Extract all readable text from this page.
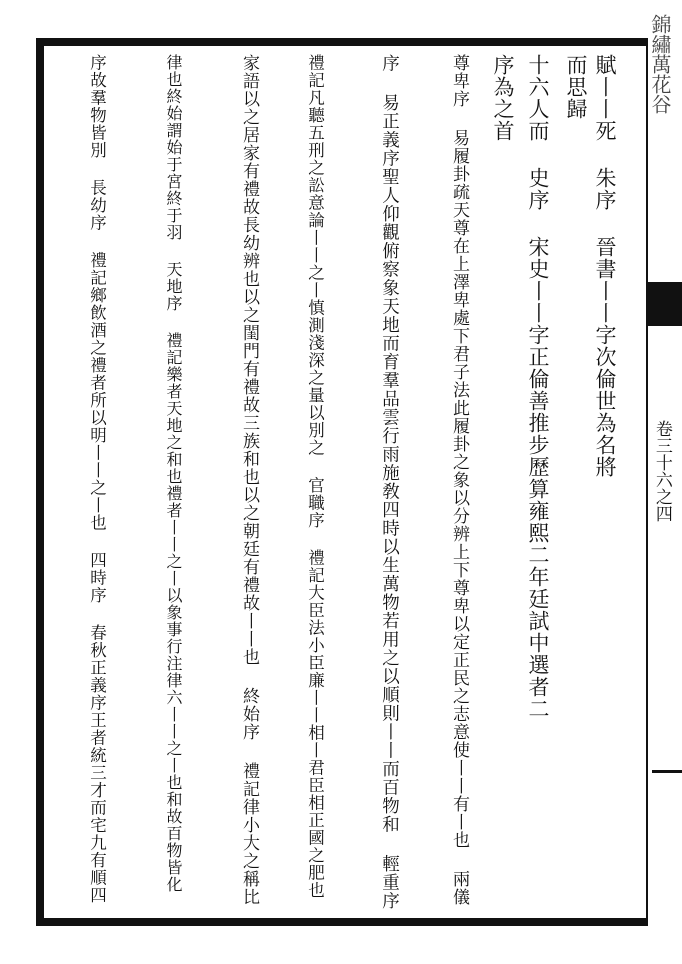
錦繡萬花谷
卷三十六之四
賦丨丨死 朱序 晉書丨丨字次倫世為名將
而思歸
十六人而 史序 宋史丨丨字正倫善推步歷算雍熙二年廷試中選者二
序為之首
尊卑序 易履卦疏天尊在上澤卑處下君子法此履卦之象以分辨上下尊卑以定正民之志意使丨丨有丨也 兩儀
序 易正義序聖人仰觀俯察象天地而育羣品雲行雨施敎四時以生萬物若用之以順則丨丨而百物和 輕重序
禮記凡聽五刑之訟意論丨丨之丨慎測淺深之量以別之 官職序 禮記大臣法小臣廉丨丨相丨君臣相正國之肥也
家語以之居家有禮故長幼辨也以之閨門有禮故三族和也以之朝廷有禮故丨丨也 終始序 禮記律小大之稱比
律也終始謂始于宮終于羽 天地序 禮記樂者天地之和也禮者丨丨之丨以象事行注律六丨丨之丨也和故百物皆化
序故羣物皆別 長幼序 禮記鄉飲酒之禮者所以明丨丨之丨也 四時序 春秋正義序王者統三才而宅九有順四
